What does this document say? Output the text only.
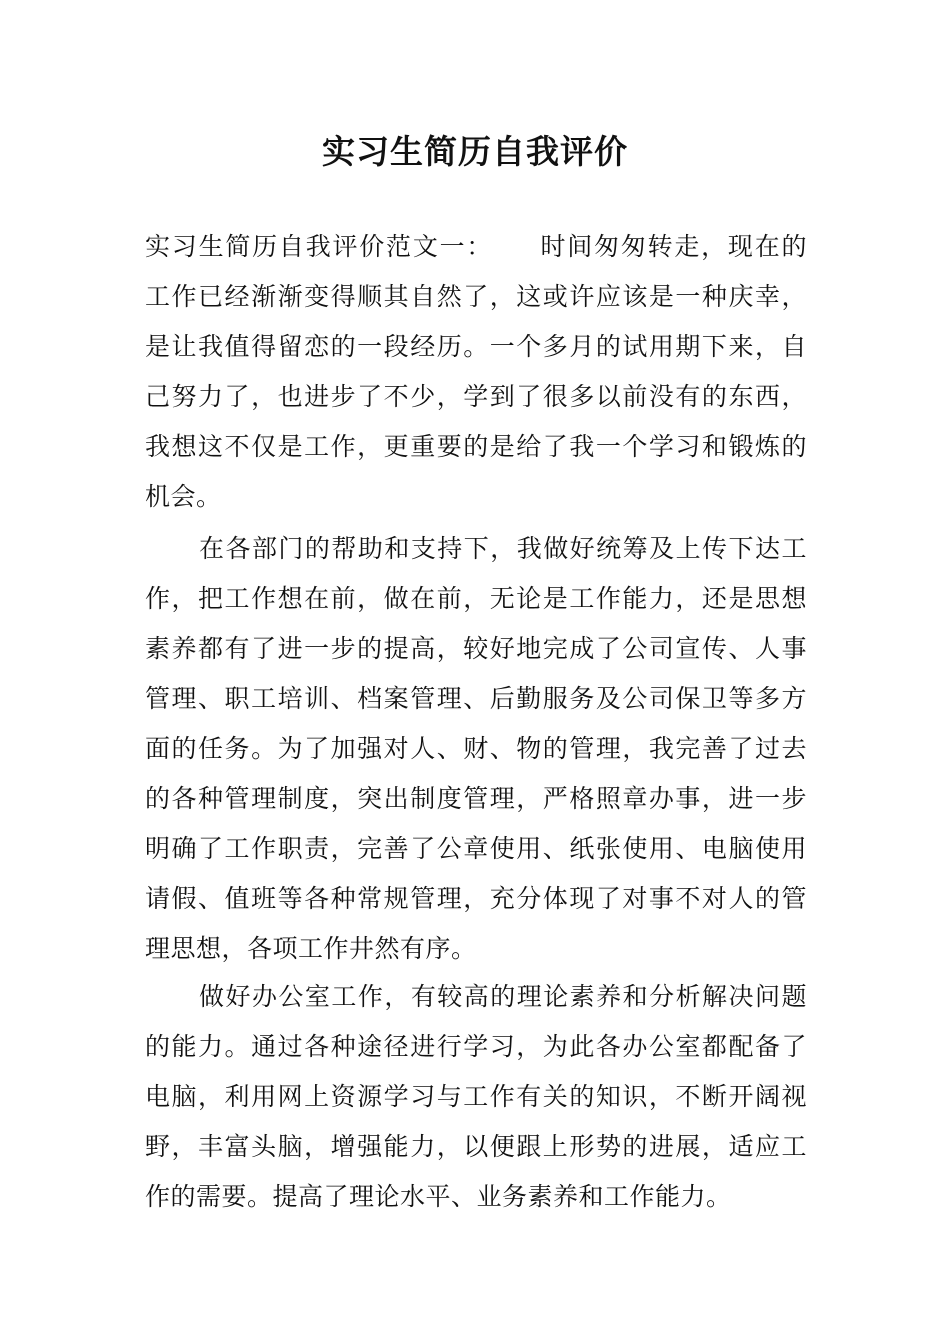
实习生简历自我评价
实习生简历自我评价范文一： 时间匆匆转走，现在的
工作已经渐渐变得顺其自然了，这或许应该是一种庆幸，
是让我值得留恋的一段经历。一个多月的试用期下来，自
己努力了，也进步了不少，学到了很多以前没有的东西，
我想这不仅是工作，更重要的是给了我一个学习和锻炼的
机会。
在各部门的帮助和支持下，我做好统筹及上传下达工
作，把工作想在前，做在前，无论是工作能力，还是思想
素养都有了进一步的提高，较好地完成了公司宣传、人事
管理、职工培训、档案管理、后勤服务及公司保卫等多方
面的任务。为了加强对人、财、物的管理，我完善了过去
的各种管理制度，突出制度管理，严格照章办事，进一步
明确了工作职责，完善了公章使用、纸张使用、电脑使用
请假、值班等各种常规管理，充分体现了对事不对人的管
理思想，各项工作井然有序。
做好办公室工作，有较高的理论素养和分析解决问题
的能力。通过各种途径进行学习，为此各办公室都配备了
电脑，利用网上资源学习与工作有关的知识，不断开阔视
野，丰富头脑，增强能力，以便跟上形势的进展，适应工
作的需要。提高了理论水平、业务素养和工作能力。
